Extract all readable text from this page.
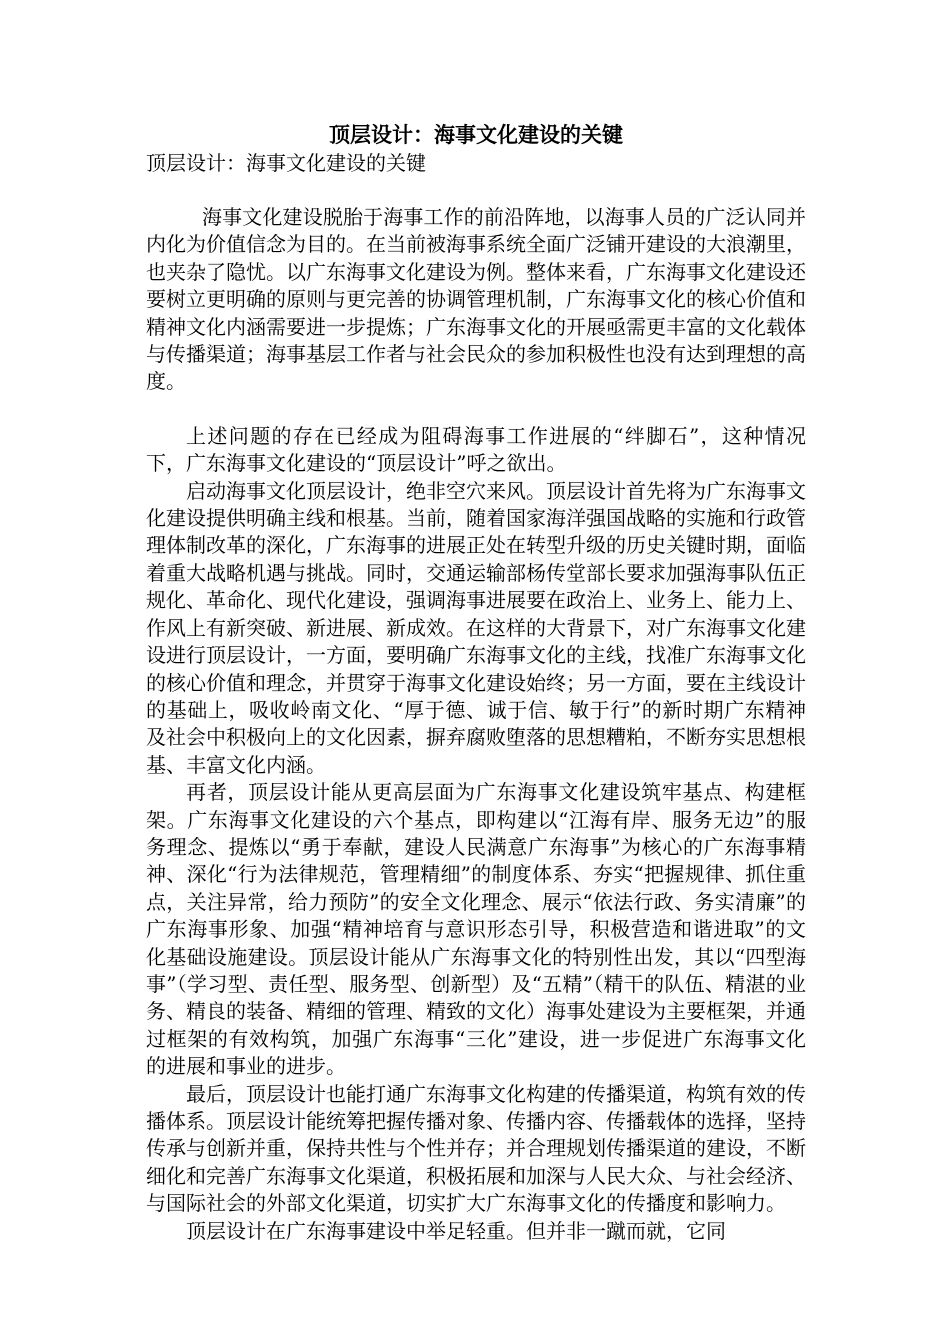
顶层设计：海事文化建设的关键

顶层设计：海事文化建设的关键

海事文化建设脱胎于海事工作的前沿阵地，以海事人员的广泛认同并内化为价值信念为目的。在当前被海事系统全面广泛铺开建设的大浪潮里，也夹杂了隐忧。以广东海事文化建设为例。整体来看，广东海事文化建设还要树立更明确的原则与更完善的协调管理机制，广东海事文化的核心价值和精神文化内涵需要进一步提炼；广东海事文化的开展亟需更丰富的文化载体与传播渠道；海事基层工作者与社会民众的参加积极性也没有达到理想的高度。

上述问题的存在已经成为阻碍海事工作进展的“绊脚石”，这种情况下，广东海事文化建设的“顶层设计”呼之欲出。

启动海事文化顶层设计，绝非空穴来风。顶层设计首先将为广东海事文化建设提供明确主线和根基。当前，随着国家海洋强国战略的实施和行政管理体制改革的深化，广东海事的进展正处在转型升级的历史关键时期，面临着重大战略机遇与挑战。同时，交通运输部杨传堂部长要求加强海事队伍正规化、革命化、现代化建设，强调海事进展要在政治上、业务上、能力上、作风上有新突破、新进展、新成效。在这样的大背景下，对广东海事文化建设进行顶层设计，一方面，要明确广东海事文化的主线，找准广东海事文化的核心价值和理念，并贯穿于海事文化建设始终；另一方面，要在主线设计的基础上，吸收岭南文化、“厚于德、诚于信、敏于行”的新时期广东精神及社会中积极向上的文化因素，摒弃腐败堕落的思想糟粕，不断夯实思想根基、丰富文化内涵。

再者，顶层设计能从更高层面为广东海事文化建设筑牢基点、构建框架。广东海事文化建设的六个基点，即构建以“江海有岸、服务无边”的服务理念、提炼以“勇于奉献，建设人民满意广东海事”为核心的广东海事精神、深化“行为法律规范，管理精细”的制度体系、夯实“把握规律、抓住重点，关注异常，给力预防”的安全文化理念、展示“依法行政、务实清廉”的广东海事形象、加强“精神培育与意识形态引导，积极营造和谐进取”的文化基础设施建设。顶层设计能从广东海事文化的特别性出发，其以“四型海事”（学习型、责任型、服务型、创新型）及“五精”（精干的队伍、精湛的业务、精良的装备、精细的管理、精致的文化）海事处建设为主要框架，并通过框架的有效构筑，加强广东海事“三化”建设，进一步促进广东海事文化的进展和事业的进步。

最后，顶层设计也能打通广东海事文化构建的传播渠道，构筑有效的传播体系。顶层设计能统筹把握传播对象、传播内容、传播载体的选择，坚持传承与创新并重，保持共性与个性并存；并合理规划传播渠道的建设，不断细化和完善广东海事文化渠道，积极拓展和加深与人民大众、与社会经济、与国际社会的外部文化渠道，切实扩大广东海事文化的传播度和影响力。

顶层设计在广东海事建设中举足轻重。但并非一蹴而就，它同
